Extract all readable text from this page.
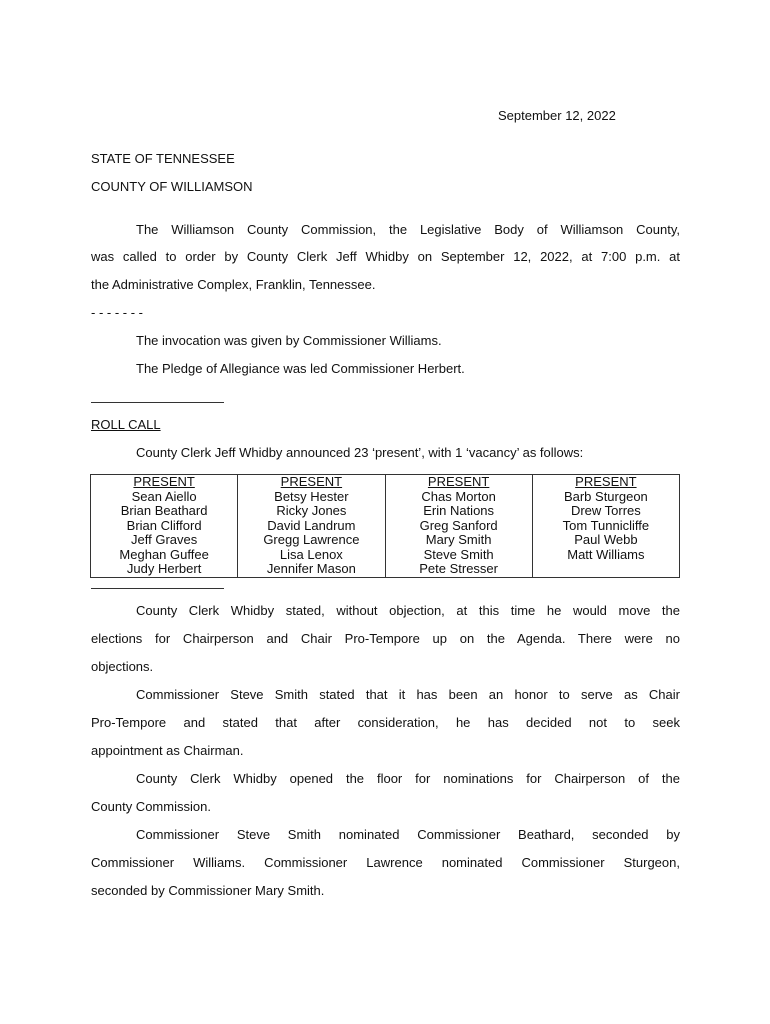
September 12, 2022
STATE OF TENNESSEE
COUNTY OF WILLIAMSON
The Williamson County Commission, the Legislative Body of Williamson County,
was called to order by County Clerk Jeff Whidby on September 12, 2022, at 7:00 p.m. at
the Administrative Complex, Franklin, Tennessee.
- - - - - - -
The invocation was given by Commissioner Williams.
The Pledge of Allegiance was led Commissioner Herbert.
ROLL CALL
County Clerk Jeff Whidby announced 23 ‘present’, with 1 ‘vacancy’ as follows:
PRESENT	PRESENT	PRESENT	PRESENT
Sean Aiello	Betsy Hester	Chas Morton	Barb Sturgeon
Brian Beathard	Ricky Jones	Erin Nations	Drew Torres
Brian Clifford	David Landrum	Greg Sanford	Tom Tunnicliffe
Jeff Graves	Gregg Lawrence	Mary Smith	Paul Webb
Meghan Guffee	Lisa Lenox	Steve Smith	Matt Williams
Judy Herbert	Jennifer Mason	Pete Stresser	
County Clerk Whidby stated, without objection, at this time he would move the
elections for Chairperson and Chair Pro-Tempore up on the Agenda. There were no
objections.
Commissioner Steve Smith stated that it has been an honor to serve as Chair
Pro-Tempore and stated that after consideration, he has decided not to seek
appointment as Chairman.
County Clerk Whidby opened the floor for nominations for Chairperson of the
County Commission.
Commissioner Steve Smith nominated Commissioner Beathard, seconded by
Commissioner Williams. Commissioner Lawrence nominated Commissioner Sturgeon,
seconded by Commissioner Mary Smith.
